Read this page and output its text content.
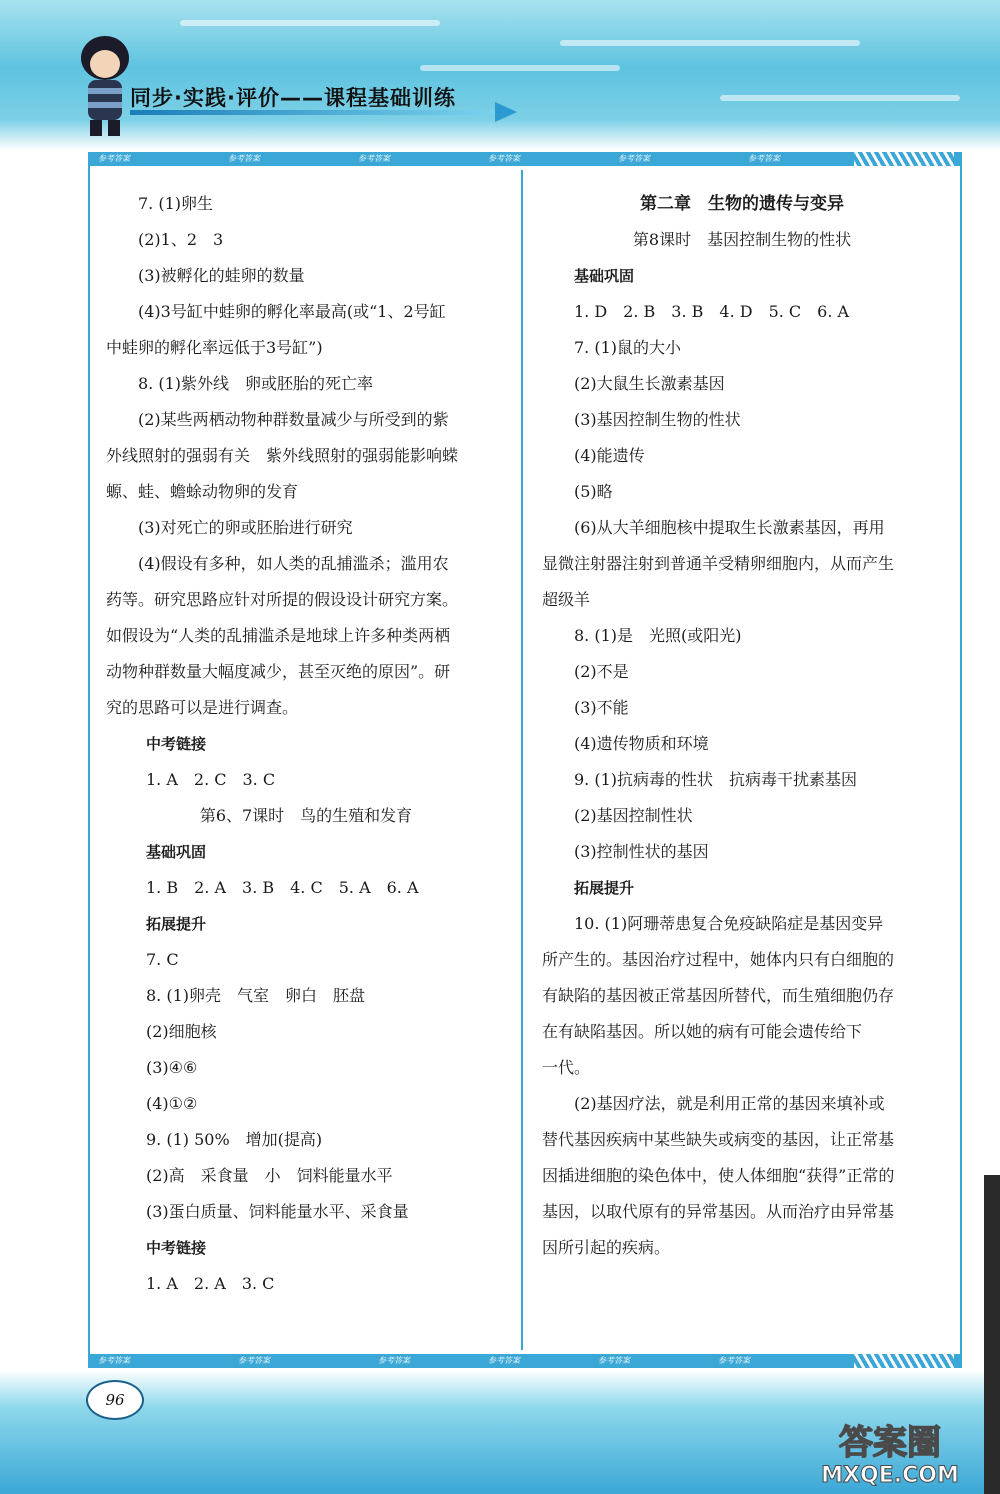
同步·实践·评价——课程基础训练
参考答案	参考答案	参考答案	参考答案	参考答案	参考答案
参考答案	参考答案	参考答案	参考答案	参考答案	参考答案

7. (1)卵生

(2)1、2　3

(3)被孵化的蛙卵的数量

(4)3号缸中蛙卵的孵化率最高(或“1、2号缸

中蛙卵的孵化率远低于3号缸”)

8. (1)紫外线　卵或胚胎的死亡率

(2)某些两栖动物种群数量减少与所受到的紫

外线照射的强弱有关　紫外线照射的强弱能影响蝾

螈、蛙、蟾蜍动物卵的发育

(3)对死亡的卵或胚胎进行研究

(4)假设有多种，如人类的乱捕滥杀；滥用农

药等。研究思路应针对所提的假设设计研究方案。

如假设为“人类的乱捕滥杀是地球上许多种类两栖

动物种群数量大幅度减少，甚至灭绝的原因”。研

究的思路可以是进行调查。

中考链接

1. A　2. C　3. C

第6、7课时　鸟的生殖和发育

基础巩固

1. B　2. A　3. B　4. C　5. A　6. A

拓展提升

7. C

8. (1)卵壳　气室　卵白　胚盘

(2)细胞核

(3)④⑥

(4)①②

9. (1) 50%　增加(提高)

(2)高　采食量　小　饲料能量水平

(3)蛋白质量、饲料能量水平、采食量

中考链接

1. A　2. A　3. C

第二章　生物的遗传与变异

第8课时　基因控制生物的性状

基础巩固

1. D　2. B　3. B　4. D　5. C　6. A

7. (1)鼠的大小

(2)大鼠生长激素基因

(3)基因控制生物的性状

(4)能遗传

(5)略

(6)从大羊细胞核中提取生长激素基因，再用

显微注射器注射到普通羊受精卵细胞内，从而产生

超级羊

8. (1)是　光照(或阳光)

(2)不是

(3)不能

(4)遗传物质和环境

9. (1)抗病毒的性状　抗病毒干扰素基因

(2)基因控制性状

(3)控制性状的基因

拓展提升

10. (1)阿珊蒂患复合免疫缺陷症是基因变异

所产生的。基因治疗过程中，她体内只有白细胞的

有缺陷的基因被正常基因所替代，而生殖细胞仍存

在有缺陷基因。所以她的病有可能会遗传给下

一代。

(2)基因疗法，就是利用正常的基因来填补或

替代基因疾病中某些缺失或病变的基因，让正常基

因插进细胞的染色体中，使人体细胞“获得”正常的

基因，以取代原有的异常基因。从而治疗由异常基

因所引起的疾病。

96
答案圈
MXQE.COM
